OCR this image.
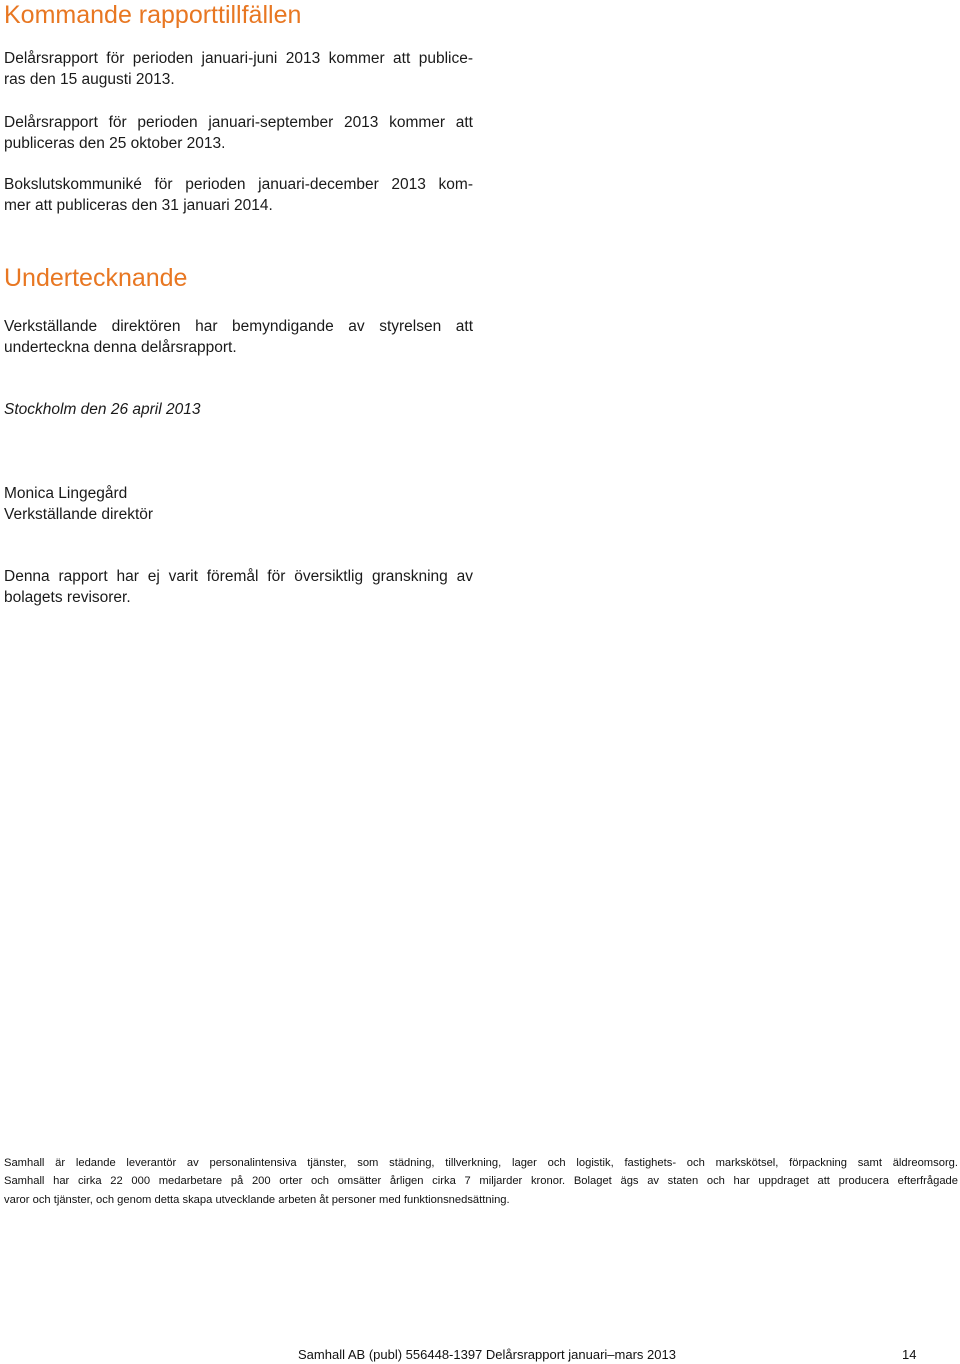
Kommande rapporttillfällen

Delårsrapport för perioden januari-juni 2013 kommer att publice-
ras den 15 augusti 2013.

Delårsrapport för perioden januari-september 2013 kommer att
publiceras den 25 oktober 2013.

Bokslutskommuniké för perioden januari-december 2013 kom-
mer att publiceras den 31 januari 2014.

Undertecknande

Verkställande direktören har bemyndigande av styrelsen att
underteckna denna delårsrapport.

Stockholm den 26 april 2013

Monica Lingegård
Verkställande direktör

Denna rapport har ej varit föremål för översiktlig granskning av
bolagets revisorer.

Samhall är ledande leverantör av personalintensiva tjänster, som städning, tillverkning, lager och logistik, fastighets- och markskötsel, förpackning samt äldreomsorg.
Samhall har cirka 22 000 medarbetare på 200 orter och omsätter årligen cirka 7 miljarder kronor. Bolaget ägs av staten och har uppdraget att producera efterfrågade
varor och tjänster, och genom detta skapa utvecklande arbeten åt personer med funktionsnedsättning.

Samhall AB (publ) 556448-1397 Delårsrapport januari–mars 2013	14
